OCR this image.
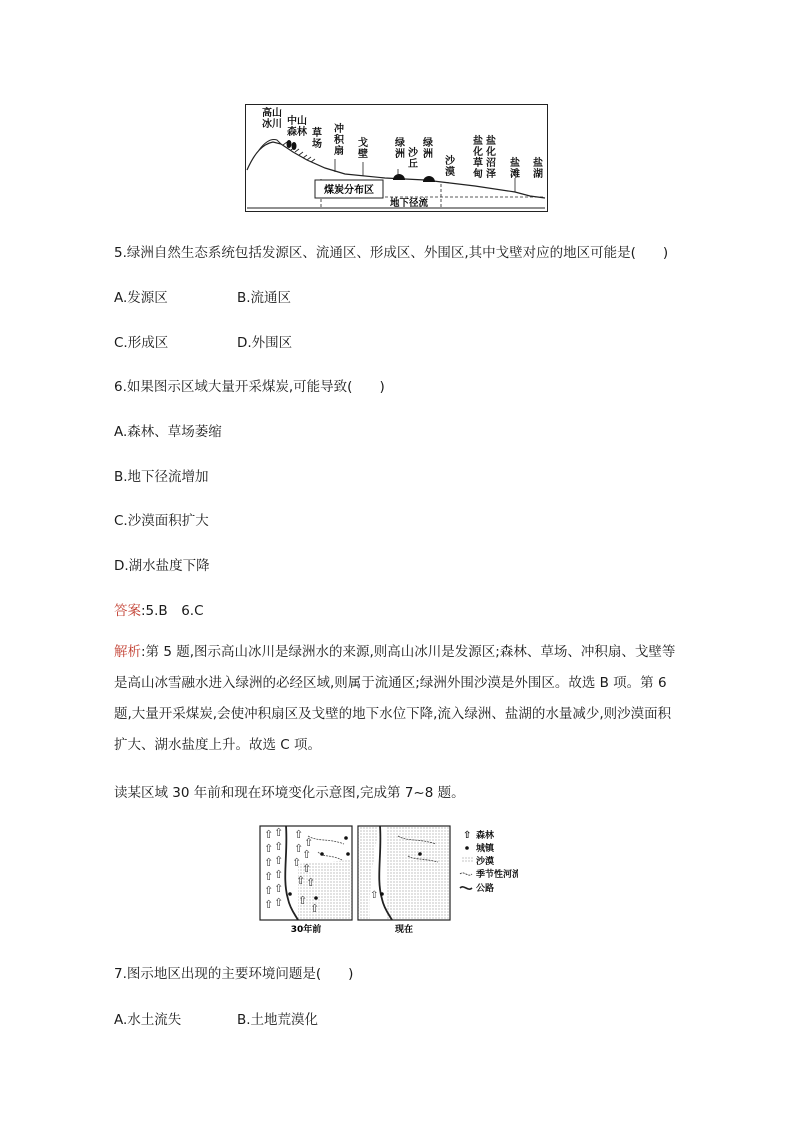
煤炭分布区
地下径流
高山
冰川 中山
森林 草
场
冲
积
扇
戈
壁
绿
洲 沙
丘
绿
洲
沙
漠
盐
化
草
甸
盐
化
沼
泽
盐
滩
盐
湖
5.绿洲自然生态系统包括发源区、流通区、形成区、外围区,其中戈壁对应的地区可能是(　　)
A.发源区	B.流通区
C.形成区	D.外围区
6.如果图示区域大量开采煤炭,可能导致(　　)
A.森林、草场萎缩
B.地下径流增加
C.沙漠面积扩大
D.湖水盐度下降
答案:5.B　6.C
解析:第 5 题,图示高山冰川是绿洲水的来源,则高山冰川是发源区;森林、草场、冲积扇、戈壁等是高山冰雪融水进入绿洲的必经区域,则属于流通区;绿洲外围沙漠是外围区。故选 B 项。第 6 题,大量开采煤炭,会使冲积扇区及戈壁的地下水位下降,流入绿洲、盐湖的水量减少,则沙漠面积扩大、湖水盐度上升。故选 C 项。
读某区域 30 年前和现在环境变化示意图,完成第 7~8 题。
⇧ ⇧
⇧ ⇧
⇧ ⇧
⇧ ⇧
⇧ ⇧
⇧ ⇧
⇧
⇧
⇧
⇧
⇧ ⇧
⇧ ⇧
⇧
⇧
30年前
⇧
现在
⇧ 森林
城镇
沙漠
季节性河流
公路
7.图示地区出现的主要环境问题是(　　)
A.水土流失	B.土地荒漠化
